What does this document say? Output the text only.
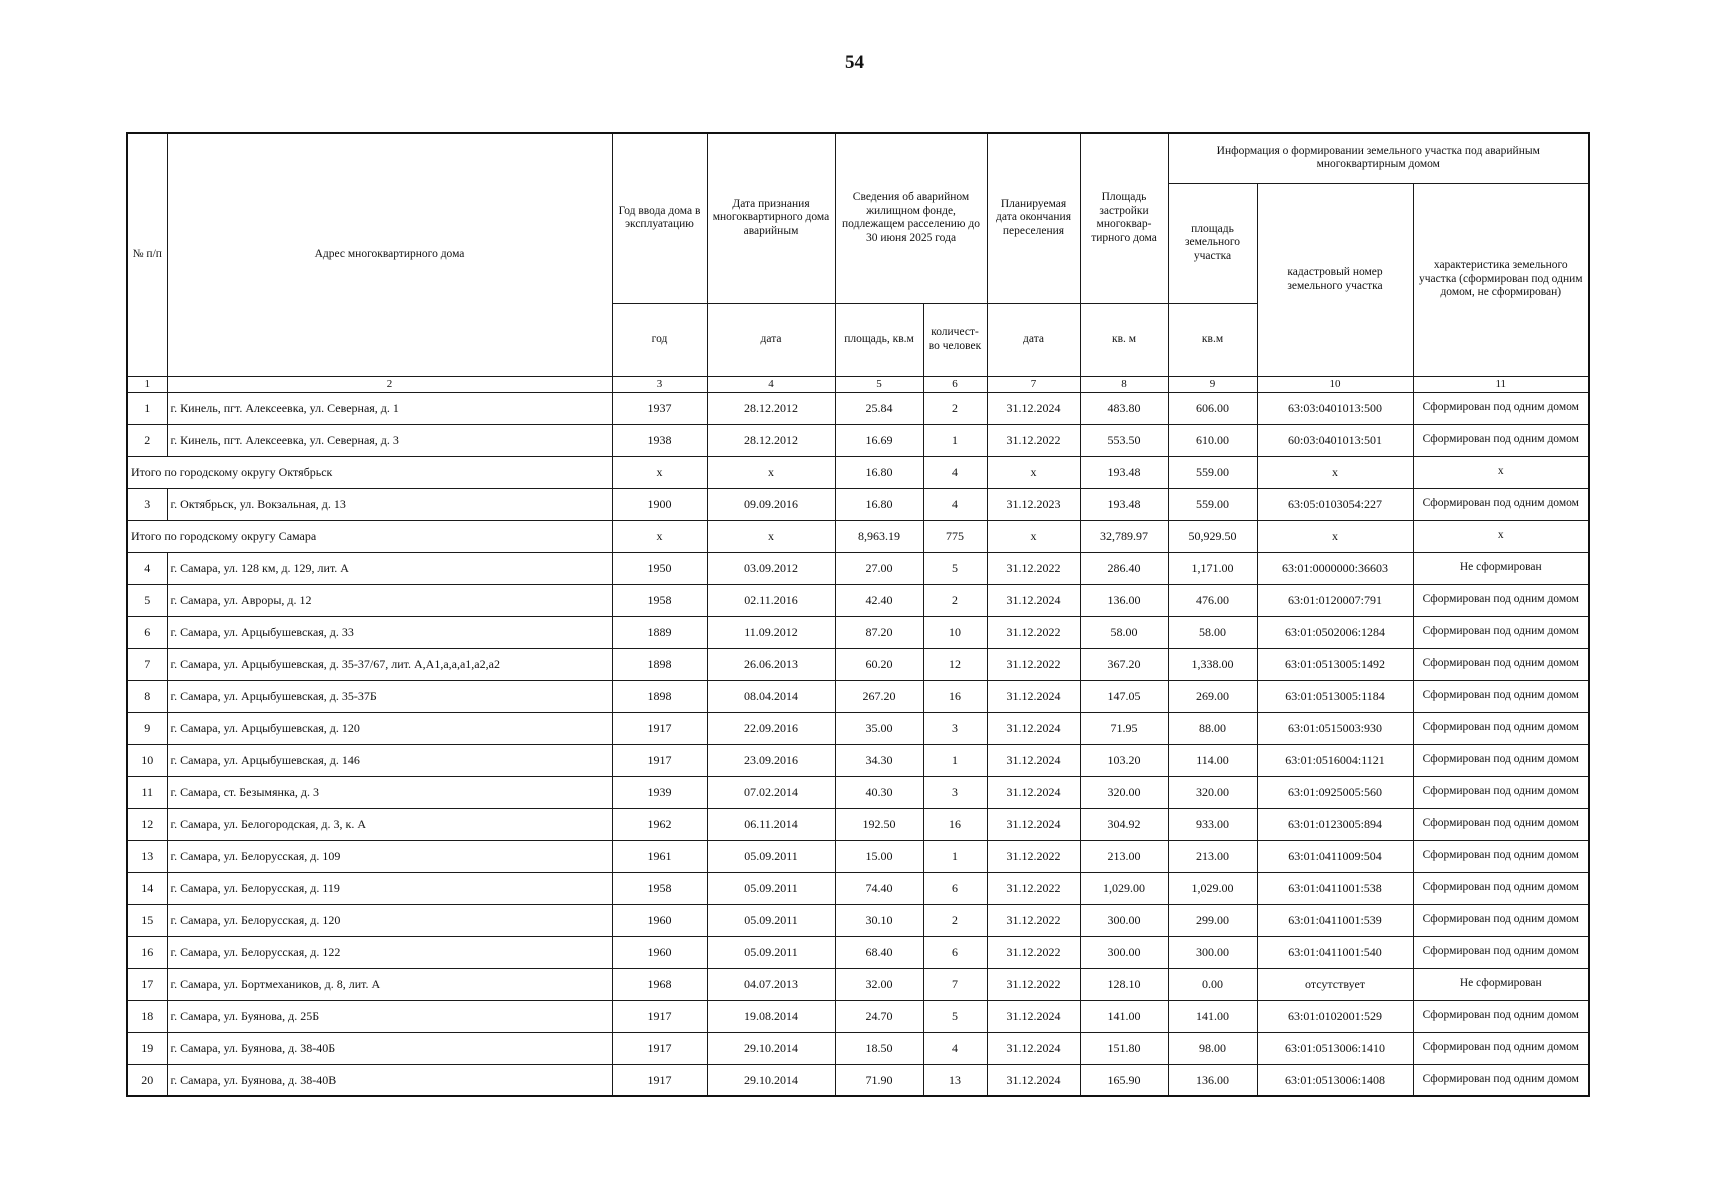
54
№ п/п	Адрес многоквартирного дома	Год ввода дома в эксплуатацию	Дата признания многоквартирного дома аварийным	Сведения об аварийном жилищном фонде, подлежащем расселению до 30 июня 2025 года		Планируемая дата окончания переселения	Площадь застройки многоквар-тирного дома	Информация о формировании земельного участка под аварийным многоквартирным домом		
								площадь земельного участка	кадастровый номер земельного участка	характеристика земельного участка (сформирован под одним домом, не сформирован)
		год	дата	площадь, кв.м	количест-во человек	дата	кв. м	кв.м		
1	2	3	4	5	6	7	8	9	10	11
1	г. Кинель, пгт. Алексеевка, ул. Северная, д. 1	1937	28.12.2012	25.84	2	31.12.2024	483.80	606.00	63:03:0401013:500	Сформирован под одним домом
2	г. Кинель, пгт. Алексеевка, ул. Северная, д. 3	1938	28.12.2012	16.69	1	31.12.2022	553.50	610.00	60:03:0401013:501	Сформирован под одним домом
Итого по городскому округу Октябрьск		х	х	16.80	4	х	193.48	559.00	х	х
3	г. Октябрьск, ул. Вокзальная, д. 13	1900	09.09.2016	16.80	4	31.12.2023	193.48	559.00	63:05:0103054:227	Сформирован под одним домом
Итого по городскому округу Самара		х	х	8,963.19	775	х	32,789.97	50,929.50	х	х
4	г. Самара, ул. 128 км, д. 129, лит. А	1950	03.09.2012	27.00	5	31.12.2022	286.40	1,171.00	63:01:0000000:36603	Не сформирован
5	г. Самара, ул. Авроры, д. 12	1958	02.11.2016	42.40	2	31.12.2024	136.00	476.00	63:01:0120007:791	Сформирован под одним домом
6	г. Самара, ул. Арцыбушевская, д. 33	1889	11.09.2012	87.20	10	31.12.2022	58.00	58.00	63:01:0502006:1284	Сформирован под одним домом
7	г. Самара, ул. Арцыбушевская, д. 35-37/67, лит. А,А1,а,а,а1,а2,а2	1898	26.06.2013	60.20	12	31.12.2022	367.20	1,338.00	63:01:0513005:1492	Сформирован под одним домом
8	г. Самара, ул. Арцыбушевская, д. 35-37Б	1898	08.04.2014	267.20	16	31.12.2024	147.05	269.00	63:01:0513005:1184	Сформирован под одним домом
9	г. Самара, ул. Арцыбушевская, д. 120	1917	22.09.2016	35.00	3	31.12.2024	71.95	88.00	63:01:0515003:930	Сформирован под одним домом
10	г. Самара, ул. Арцыбушевская, д. 146	1917	23.09.2016	34.30	1	31.12.2024	103.20	114.00	63:01:0516004:1121	Сформирован под одним домом
11	г. Самара, ст. Безымянка, д. 3	1939	07.02.2014	40.30	3	31.12.2024	320.00	320.00	63:01:0925005:560	Сформирован под одним домом
12	г. Самара, ул. Белогородская, д. 3, к. А	1962	06.11.2014	192.50	16	31.12.2024	304.92	933.00	63:01:0123005:894	Сформирован под одним домом
13	г. Самара, ул. Белорусская, д. 109	1961	05.09.2011	15.00	1	31.12.2022	213.00	213.00	63:01:0411009:504	Сформирован под одним домом
14	г. Самара, ул. Белорусская, д. 119	1958	05.09.2011	74.40	6	31.12.2022	1,029.00	1,029.00	63:01:0411001:538	Сформирован под одним домом
15	г. Самара, ул. Белорусская, д. 120	1960	05.09.2011	30.10	2	31.12.2022	300.00	299.00	63:01:0411001:539	Сформирован под одним домом
16	г. Самара, ул. Белорусская, д. 122	1960	05.09.2011	68.40	6	31.12.2022	300.00	300.00	63:01:0411001:540	Сформирован под одним домом
17	г. Самара, ул. Бортмехаников, д. 8, лит. А	1968	04.07.2013	32.00	7	31.12.2022	128.10	0.00	отсутствует	Не сформирован
18	г. Самара, ул. Буянова, д. 25Б	1917	19.08.2014	24.70	5	31.12.2024	141.00	141.00	63:01:0102001:529	Сформирован под одним домом
19	г. Самара, ул. Буянова, д. 38-40Б	1917	29.10.2014	18.50	4	31.12.2024	151.80	98.00	63:01:0513006:1410	Сформирован под одним домом
20	г. Самара, ул. Буянова, д. 38-40В	1917	29.10.2014	71.90	13	31.12.2024	165.90	136.00	63:01:0513006:1408	Сформирован под одним домом
